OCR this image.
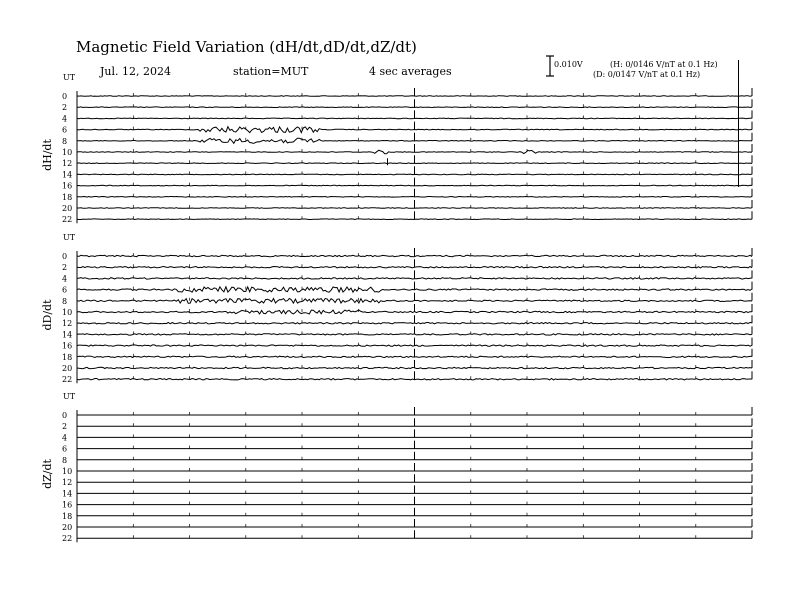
Magnetic Field Variation (dH/dt,dD/dt,dZ/dt)
Jul. 12, 2024	station=MUT	4 sec averages
0.010V	(H: 0/0146 V/nT at 0.1 Hz)
(D: 0/0147 V/nT at 0.1 Hz)
UT
dH/dt
0
2
4
6
8
10
12
14
16
18
20
22
UT
dD/dt
0
2
4
6
8
10
12
14
16
18
20
22
UT
dZ/dt
0
2
4
6
8
10
12
14
16
18
20
22
